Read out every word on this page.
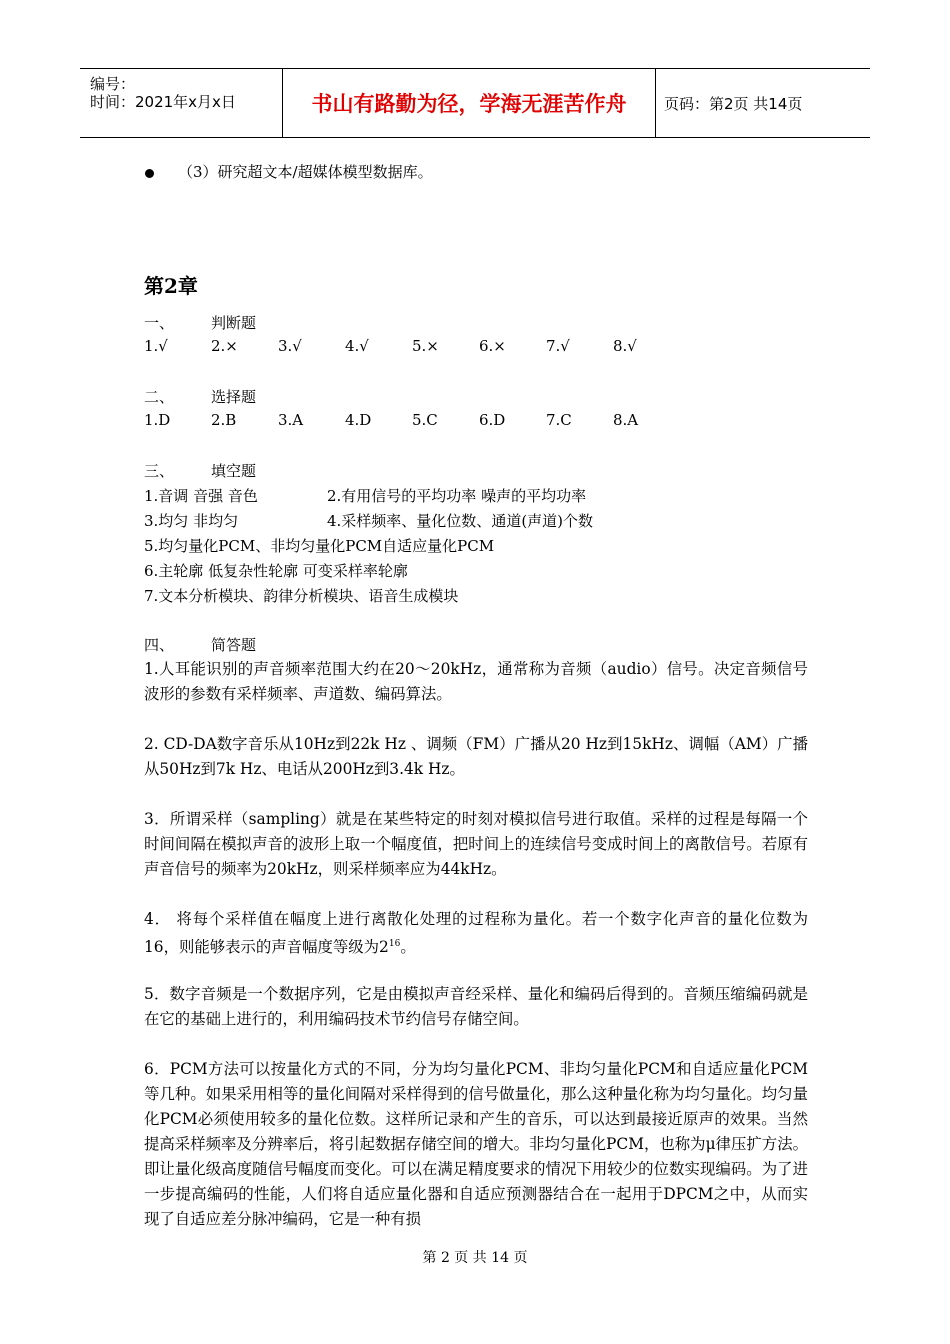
编号：
时间：2021年x月x日	书山有路勤为径，学海无涯苦作舟	页码：第2页 共14页
（3）研究超文本/超媒体模型数据库。
第2章
一、 判断题
1.√	2.×	3.√	4.√	5.×	6.×	7.√	8.√
二、 选择题
1.D	2.B	3.A	4.D	5.C	6.D	7.C	8.A
三、 填空题
1.音调 音强 音色	2.有用信号的平均功率 噪声的平均功率
3.均匀 非均匀	4.采样频率、量化位数、通道(声道)个数
5.均匀量化PCM、非均匀量化PCM自适应量化PCM
6.主轮廓 低复杂性轮廓 可变采样率轮廓
7.文本分析模块、韵律分析模块、语音生成模块
四、 简答题
1.人耳能识别的声音频率范围大约在20～20kHz，通常称为音频（audio）信号。决定音频信号波形的参数有采样频率、声道数、编码算法。
2. CD-DA数字音乐从10Hz到22k Hz 、调频（FM）广播从20 Hz到15kHz、调幅（AM）广播从50Hz到7k Hz、电话从200Hz到3.4k Hz。
3．所谓采样（sampling）就是在某些特定的时刻对模拟信号进行取值。采样的过程是每隔一个时间间隔在模拟声音的波形上取一个幅度值，把时间上的连续信号变成时间上的离散信号。若原有声音信号的频率为20kHz，则采样频率应为44kHz。
4． 将每个采样值在幅度上进行离散化处理的过程称为量化。若一个数字化声音的量化位数为16，则能够表示的声音幅度等级为$2^{16}$。
5．数字音频是一个数据序列，它是由模拟声音经采样、量化和编码后得到的。音频压缩编码就是在它的基础上进行的，利用编码技术节约信号存储空间。
6．PCM方法可以按量化方式的不同，分为均匀量化PCM、非均匀量化PCM和自适应量化PCM等几种。如果采用相等的量化间隔对采样得到的信号做量化，那么这种量化称为均匀量化。均匀量化PCM必须使用较多的量化位数。这样所记录和产生的音乐，可以达到最接近原声的效果。当然提高采样频率及分辨率后，将引起数据存储空间的增大。非均匀量化PCM，也称为μ律压扩方法。即让量化级高度随信号幅度而变化。可以在满足精度要求的情况下用较少的位数实现编码。为了进一步提高编码的性能，人们将自适应量化器和自适应预测器结合在一起用于DPCM之中，从而实现了自适应差分脉冲编码，它是一种有损
第 2 页 共 14 页
